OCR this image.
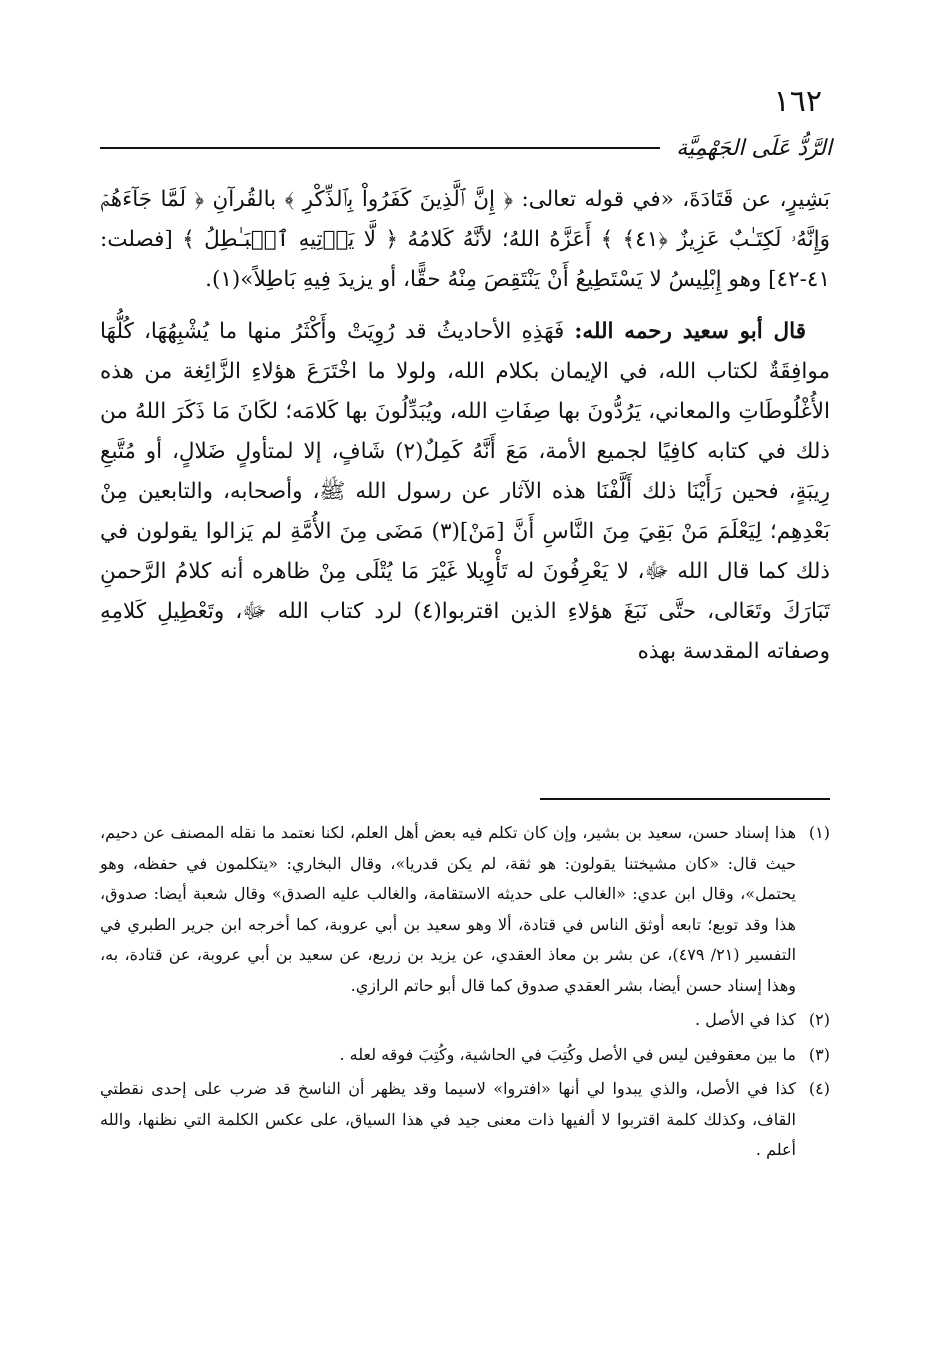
١٦٢
الرَّدُّ عَلَى الجَهْمِيَّة

بَشِيرٍ، عن قَتَادَةَ، «في قوله تعالى: ﴿ إِنَّ ٱلَّذِينَ كَفَرُواْ بِٱلذِّكْرِ ﴾ بالقُرآنِ ﴿ لَمَّا جَآءَهُمۡ وَإِنَّهُۥ لَكِتَـٰبٌ عَزِيزٌ ﴿٤١﴾ ﴾ أَعَزَّهُ اللهُ؛ لأنَّهُ كَلامُهُ ﴿ لَّا يَأۡتِيهِ ٱلۡبَـٰطِلُ ﴾ [فصلت: ٤١-٤٢] وهو إِبْلِيسُ لا يَسْتَطِيعُ أَنْ يَنْتَقِصَ مِنْهُ حقًّا، أو يزيدَ فِيهِ بَاطِلاً»(١).

قال أبو سعيد رحمه الله: فَهَذِهِ الأحاديثُ قد رُوِيَتْ وأَكْثَرُ منها ما يُشْبِهُهَا، كُلُّهَا موافِقَةٌ لكتاب الله، في الإيمان بكلام الله، ولولا ما اخْتَرَعَ هؤلاءِ الزَّائِغة من هذه الأُغْلُوطَاتِ والمعاني، يَرُدُّونَ بها صِفَاتِ الله، ويُبَدِّلُونَ بها كَلامَه؛ لكَانَ مَا ذَكَرَ اللهُ من ذلك في كتابه كافِيًا لجميع الأمة، مَعَ أَنَّهُ كَمِلٌ(٢) شَافٍ، إلا لمتأولٍ ضَلالٍ، أو مُتَّبعِ رِيبَةٍ، فحين رَأَيْنَا ذلك أَلَّفْنَا هذه الآثار عن رسول الله ﷺ، وأصحابه، والتابعين مِنْ بَعْدِهِم؛ لِيَعْلَمَ مَنْ بَقِيَ مِنَ النَّاسِ أَنَّ [مَنْ](٣) مَضَى مِنَ الأُمَّةِ لم يَزالوا يقولون في ذلك كما قال الله ﷻ، لا يَعْرِفُونَ له تَأْوِيلا غَيْرَ مَا يُتْلَى مِنْ ظاهره أنه كلامُ الرَّحمنِ تَبَارَكَ وتَعَالى، حتَّى نَبَغَ هؤلاءِ الذين اقتربوا(٤) لرد كتاب الله ﷻ، وتَعْطِيلِ كَلامِهِ وصفاته المقدسة بهذه

(١)هذا إسناد حسن، سعيد بن بشير، وإن كان تكلم فيه بعض أهل العلم، لكنا نعتمد ما نقله المصنف عن دحيم، حيث قال: «كان مشيختنا يقولون: هو ثقة، لم يكن قدريا»، وقال البخاري: «يتكلمون في حفظه، وهو يحتمل»، وقال ابن عدي: «الغالب على حديثه الاستقامة، والغالب عليه الصدق» وقال شعبة أيضا: صدوق، هذا وقد توبع؛ تابعه أوثق الناس في قتادة، ألا وهو سعيد بن أبي عروبة، كما أخرجه ابن جرير الطبري في التفسير (٢١/ ٤٧٩)، عن بشر بن معاذ العقدي، عن يزيد بن زريع، عن سعيد بن أبي عروبة، عن قتادة، به، وهذا إسناد حسن أيضا، بشر العقدي صدوق كما قال أبو حاتم الرازي.

(٢)كذا في الأصل .

(٣)ما بين معقوفين ليس في الأصل وكُتِبَ في الحاشية، وكُتِبَ فوقه لعله .

(٤)كذا في الأصل، والذي يبدوا لي أنها «افتروا» لاسيما وقد يظهر أن الناسخ قد ضرب على إحدى نقطتي القاف، وكذلك كلمة اقتربوا لا ألفيها ذات معنى جيد في هذا السياق، على عكس الكلمة التي نظنها، والله أعلم .
